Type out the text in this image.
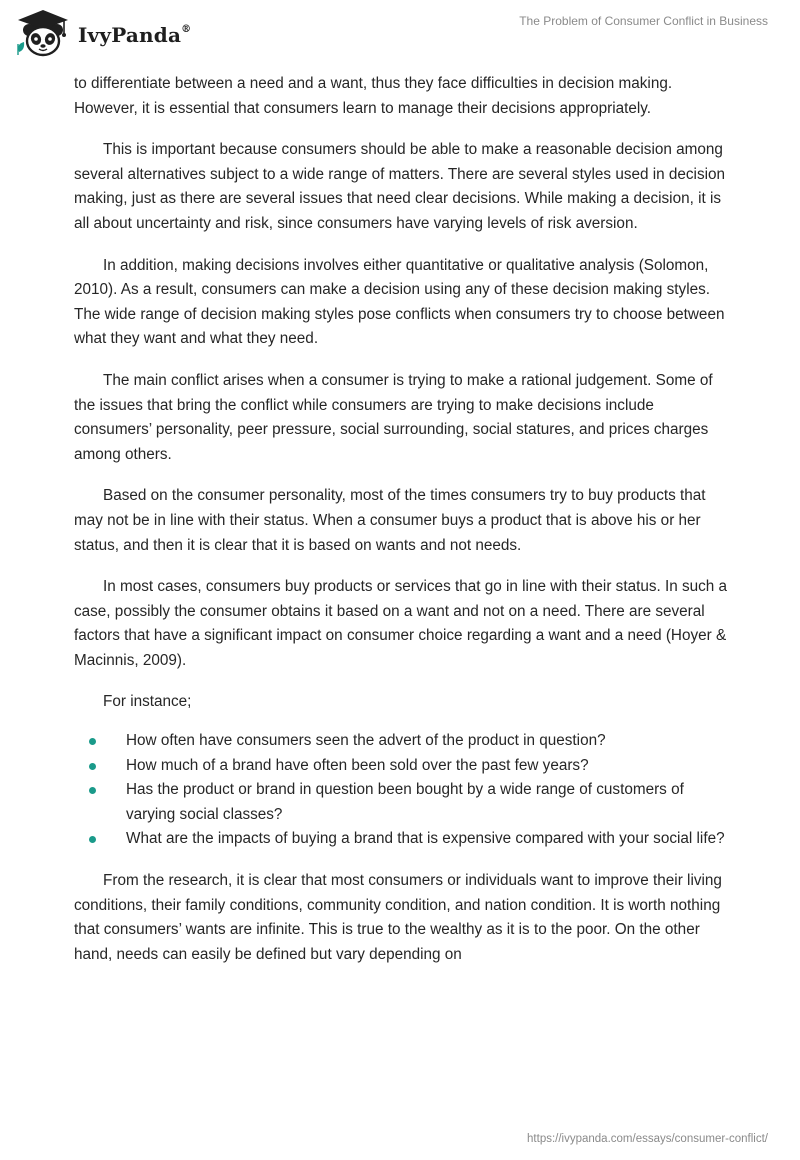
IvyPanda®
The Problem of Consumer Conflict in Business

to differentiate between a need and a want, thus they face difficulties in decision making. However, it is essential that consumers learn to manage their decisions appropriately.

This is important because consumers should be able to make a reasonable decision among several alternatives subject to a wide range of matters. There are several styles used in decision making, just as there are several issues that need clear decisions. While making a decision, it is all about uncertainty and risk, since consumers have varying levels of risk aversion.

In addition, making decisions involves either quantitative or qualitative analysis (Solomon, 2010). As a result, consumers can make a decision using any of these decision making styles. The wide range of decision making styles pose conflicts when consumers try to choose between what they want and what they need.

The main conflict arises when a consumer is trying to make a rational judgement. Some of the issues that bring the conflict while consumers are trying to make decisions include consumers’ personality, peer pressure, social surrounding, social statures, and prices charges among others.

Based on the consumer personality, most of the times consumers try to buy products that may not be in line with their status. When a consumer buys a product that is above his or her status, and then it is clear that it is based on wants and not needs.

In most cases, consumers buy products or services that go in line with their status. In such a case, possibly the consumer obtains it based on a want and not on a need. There are several factors that have a significant impact on consumer choice regarding a want and a need (Hoyer & Macinnis, 2009).

For instance;

How often have consumers seen the advert of the product in question?
How much of a brand have often been sold over the past few years?
Has the product or brand in question been bought by a wide range of customers of varying social classes?
What are the impacts of buying a brand that is expensive compared with your social life?

From the research, it is clear that most consumers or individuals want to improve their living conditions, their family conditions, community condition, and nation condition. It is worth nothing that consumers’ wants are infinite. This is true to the wealthy as it is to the poor. On the other hand, needs can easily be defined but vary depending on

https://ivypanda.com/essays/consumer-conflict/
